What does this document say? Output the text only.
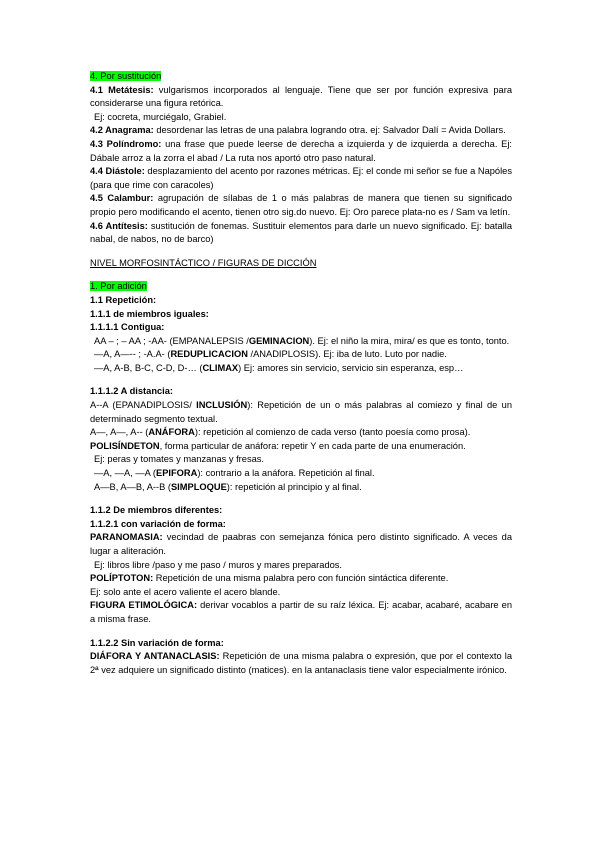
4. Por sustitución

4.1 Metátesis: vulgarismos incorporados al lenguaje. Tiene que ser por función expresiva para considerarse una figura retórica.

Ej: cocreta, murciégalo, Grabiel.

4.2 Anagrama: desordenar las letras de una palabra logrando otra. ej: Salvador Dalí = Avida Dollars.

4.3 Políndromo: una frase que puede leerse de derecha a izquierda y de izquierda a derecha. Ej: Dábale arroz a la zorra el abad / La ruta nos aportó otro paso natural.

4.4 Diástole: desplazamiento del acento por razones métricas. Ej: el conde mi señor se fue a Napóles (para que rime con caracoles)

4.5 Calambur: agrupación de sílabas de 1 o más palabras de manera que tienen su significado propio pero modificando el acento, tienen otro sig.do nuevo. Ej: Oro parece plata-no es / Sam va letín.

4.6 Antítesis: sustitución de fonemas. Sustituir elementos para darle un nuevo significado. Ej: batalla nabal, de nabos, no de barco)

NIVEL MORFOSINTÁCTICO / FIGURAS DE DICCIÓN

1. Por adición

1.1 Repetición:

1.1.1 de miembros iguales:

1.1.1.1 Contigua:

AA – ; – AA ; -AA- (EMPANALEPSIS /GEMINACION). Ej: el niño la mira, mira/ es que es tonto, tonto.

—A, A—-- ; -A.A- (REDUPLICACION /ANADIPLOSIS). Ej: iba de luto. Luto por nadie.

—A, A-B, B-C, C-D, D-… (CLIMAX) Ej: amores sin servicio, servicio sin esperanza, esp…

1.1.1.2 A distancia:

A--A (EPANADIPLOSIS/ INCLUSIÓN): Repetición de un o más palabras al comiezo y final de un determinado segmento textual.

A—, A—, A-- (ANÁFORA): repetición al comienzo de cada verso (tanto poesía como prosa).

POLISÍNDETON, forma particular de anáfora: repetir Y en cada parte de una enumeración.

Ej: peras y tomates y manzanas y fresas.

—A, —A, —A (EPIFORA): contrario a la anáfora. Repetición al final.

A—B, A—B, A--B (SIMPLOQUE): repetición al principio y al final.

1.1.2 De miembros diferentes:

1.1.2.1 con variación de forma:

PARANOMASIA: vecindad de paabras con semejanza fónica pero distinto significado. A veces da lugar a aliteración.

Ej: libros libre /paso y me paso / muros y mares preparados.

POLÍPTOTON: Repetición de una misma palabra pero con función sintáctica diferente.

Ej: solo ante el acero valiente el acero blande.

FIGURA ETIMOLÓGICA: derivar vocablos a partir de su raíz léxica. Ej: acabar, acabaré, acabare en a misma frase.

1.1.2.2 Sin variación de forma:

DIÁFORA Y ANTANACLASIS: Repetición de una misma palabra o expresión, que por el contexto la 2ª vez adquiere un significado distinto (matices). en la antanaclasis tiene valor especialmente irónico.
